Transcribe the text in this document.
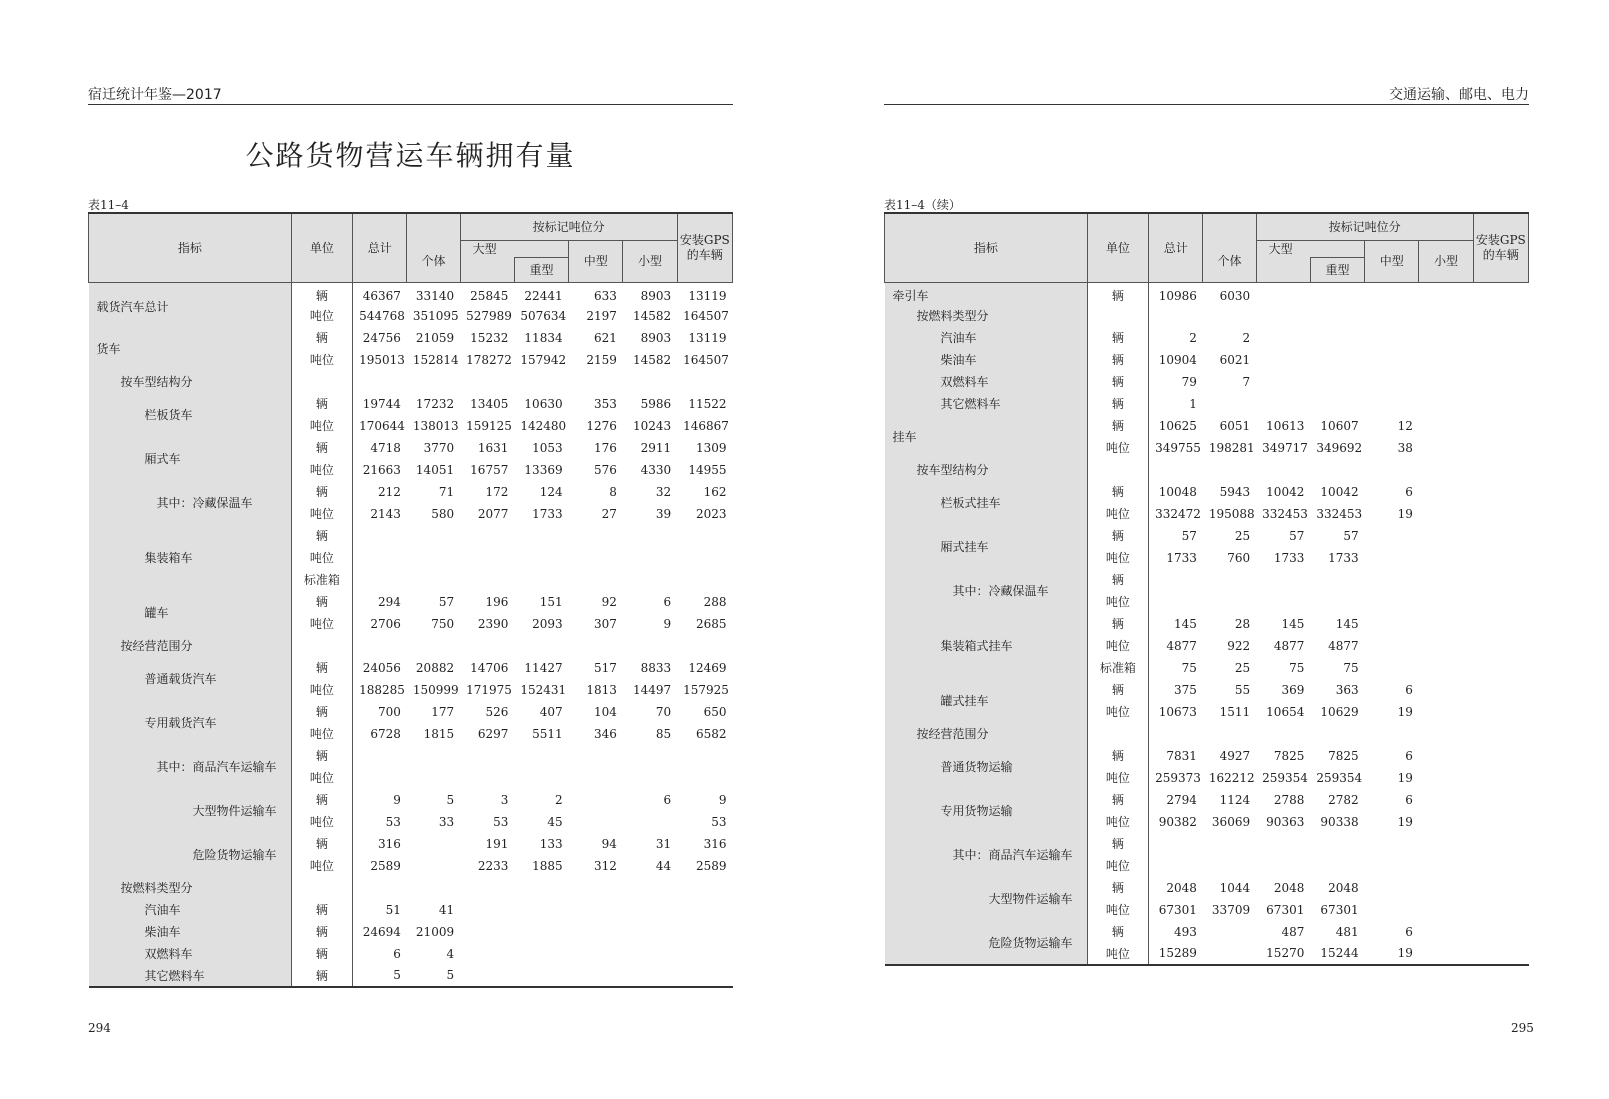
宿迁统计年鉴—2017
公路货物营运车辆拥有量
表11–4
指标	单位	总计		按标记吨位分				安装GPS的车辆
			个体	大型		中型	小型	
					重型			
载货汽车总计	辆	46367	33140	25845	22441	633	8903	13119
	吨位	544768	351095	527989	507634	2197	14582	164507
货车	辆	24756	21059	15232	11834	621	8903	13119
	吨位	195013	152814	178272	157942	2159	14582	164507
按车型结构分								
栏板货车	辆	19744	17232	13405	10630	353	5986	11522
	吨位	170644	138013	159125	142480	1276	10243	146867
厢式车	辆	4718	3770	1631	1053	176	2911	1309
	吨位	21663	14051	16757	13369	576	4330	14955
其中：冷藏保温车	辆	212	71	172	124	8	32	162
	吨位	2143	580	2077	1733	27	39	2023
集装箱车	辆							
	吨位							
	标准箱							
罐车	辆	294	57	196	151	92	6	288
	吨位	2706	750	2390	2093	307	9	2685
按经营范围分								
普通载货汽车	辆	24056	20882	14706	11427	517	8833	12469
	吨位	188285	150999	171975	152431	1813	14497	157925
专用载货汽车	辆	700	177	526	407	104	70	650
	吨位	6728	1815	6297	5511	346	85	6582
其中：商品汽车运输车	辆							
	吨位							
大型物件运输车	辆	9	5	3	2		6	9
	吨位	53	33	53	45			53
危险货物运输车	辆	316		191	133	94	31	316
	吨位	2589		2233	1885	312	44	2589
按燃料类型分								
汽油车	辆	51	41					
柴油车	辆	24694	21009					
双燃料车	辆	6	4					
其它燃料车	辆	5	5					
294
交通运输、邮电、电力
表11–4（续）
指标	单位	总计		按标记吨位分				安装GPS的车辆
			个体	大型		中型	小型	
					重型			
牵引车	辆	10986	6030					
按燃料类型分								
汽油车	辆	2	2					
柴油车	辆	10904	6021					
双燃料车	辆	79	7					
其它燃料车	辆	1						
挂车	辆	10625	6051	10613	10607	12		
	吨位	349755	198281	349717	349692	38		
按车型结构分								
栏板式挂车	辆	10048	5943	10042	10042	6		
	吨位	332472	195088	332453	332453	19		
厢式挂车	辆	57	25	57	57			
	吨位	1733	760	1733	1733			
其中：冷藏保温车	辆							
	吨位							
集装箱式挂车	辆	145	28	145	145			
	吨位	4877	922	4877	4877			
	标准箱	75	25	75	75			
罐式挂车	辆	375	55	369	363	6		
	吨位	10673	1511	10654	10629	19		
按经营范围分								
普通货物运输	辆	7831	4927	7825	7825	6		
	吨位	259373	162212	259354	259354	19		
专用货物运输	辆	2794	1124	2788	2782	6		
	吨位	90382	36069	90363	90338	19		
其中：商品汽车运输车	辆							
	吨位							
大型物件运输车	辆	2048	1044	2048	2048			
	吨位	67301	33709	67301	67301			
危险货物运输车	辆	493		487	481	6		
	吨位	15289		15270	15244	19		
295
